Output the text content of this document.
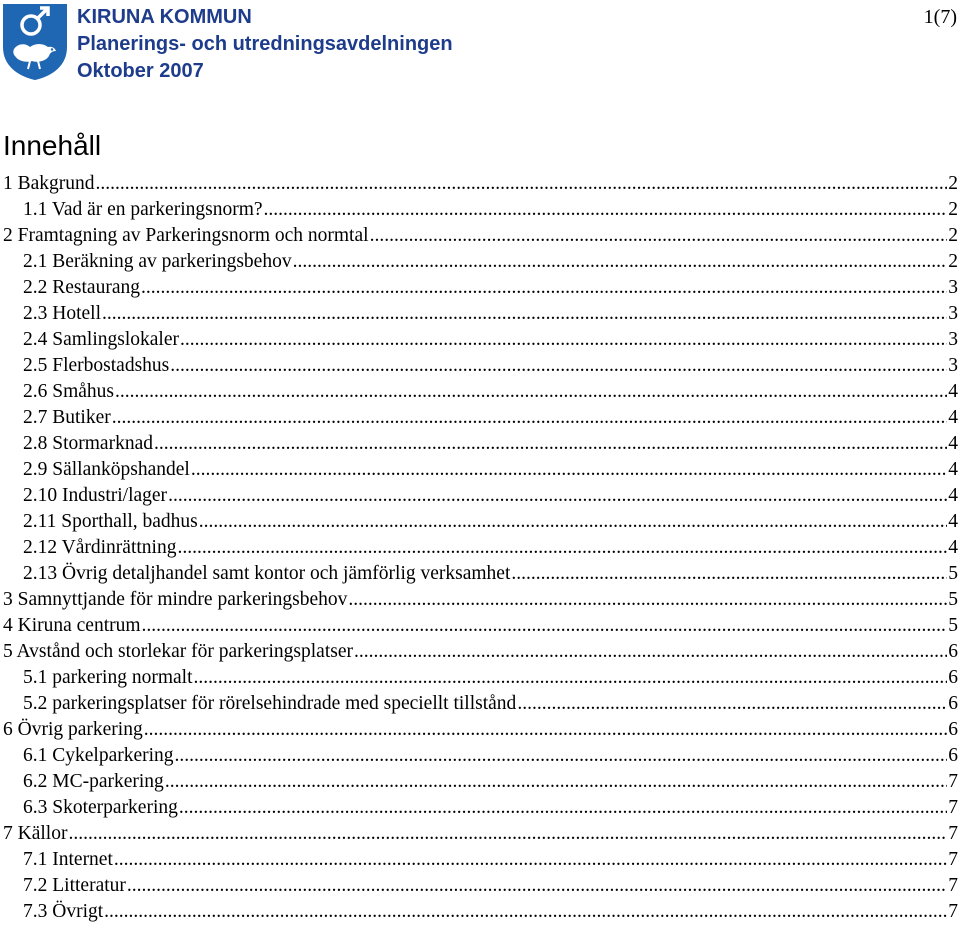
KIRUNA KOMMUN
Planerings- och utredningsavdelningen
Oktober 2007
1(7)
Innehåll
1 Bakgrund .....	2
1.1 Vad är en parkeringsnorm? .....	2
2 Framtagning av Parkeringsnorm och normtal .....	2
2.1 Beräkning av parkeringsbehov .....	2
2.2 Restaurang .....	3
2.3 Hotell .....	3
2.4 Samlingslokaler .....	3
2.5 Flerbostadshus .....	3
2.6 Småhus .....	4
2.7 Butiker .....	4
2.8 Stormarknad .....	4
2.9 Sällanköpshandel .....	4
2.10 Industri/lager .....	4
2.11 Sporthall, badhus .....	4
2.12 Vårdinrättning .....	4
2.13 Övrig detaljhandel samt kontor och jämförlig verksamhet .....	5
3 Samnyttjande för mindre parkeringsbehov .....	5
4 Kiruna centrum .....	5
5 Avstånd och storlekar för parkeringsplatser .....	6
5.1 parkering normalt .....	6
5.2 parkeringsplatser för rörelsehindrade med speciellt tillstånd .....	6
6 Övrig parkering .....	6
6.1 Cykelparkering .....	6
6.2 MC-parkering .....	7
6.3 Skoterparkering .....	7
7 Källor .....	7
7.1 Internet .....	7
7.2 Litteratur .....	7
7.3 Övrigt .....	7
